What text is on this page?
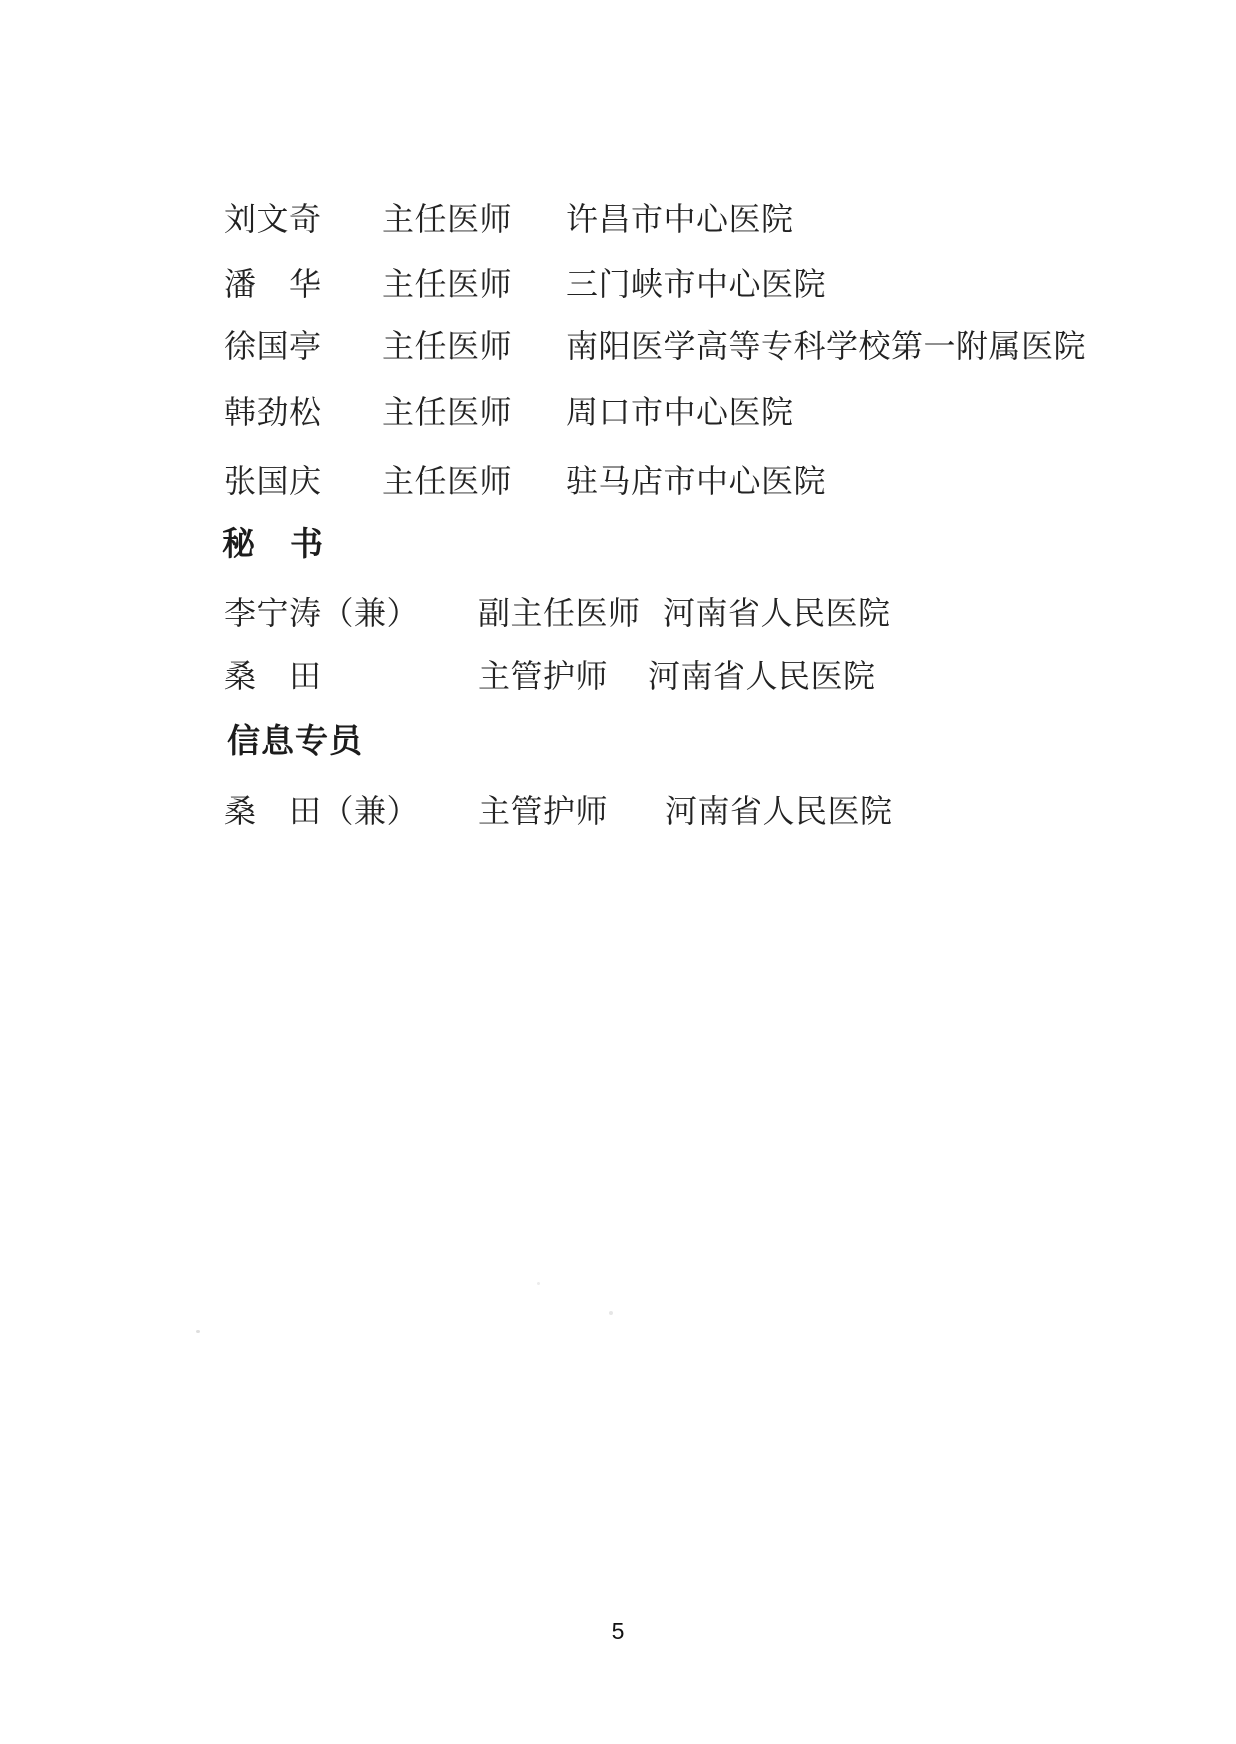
刘文奇 主任医师 许昌市中心医院
潘　华 主任医师 三门峡市中心医院
徐国亭 主任医师 南阳医学高等专科学校第一附属医院
韩劲松 主任医师 周口市中心医院
张国庆 主任医师 驻马店市中心医院
秘　书
李宁涛（兼） 副主任医师 河南省人民医院
桑　田	主管护师 河南省人民医院
信息专员
桑　田（兼） 主管护师 河南省人民医院
5
